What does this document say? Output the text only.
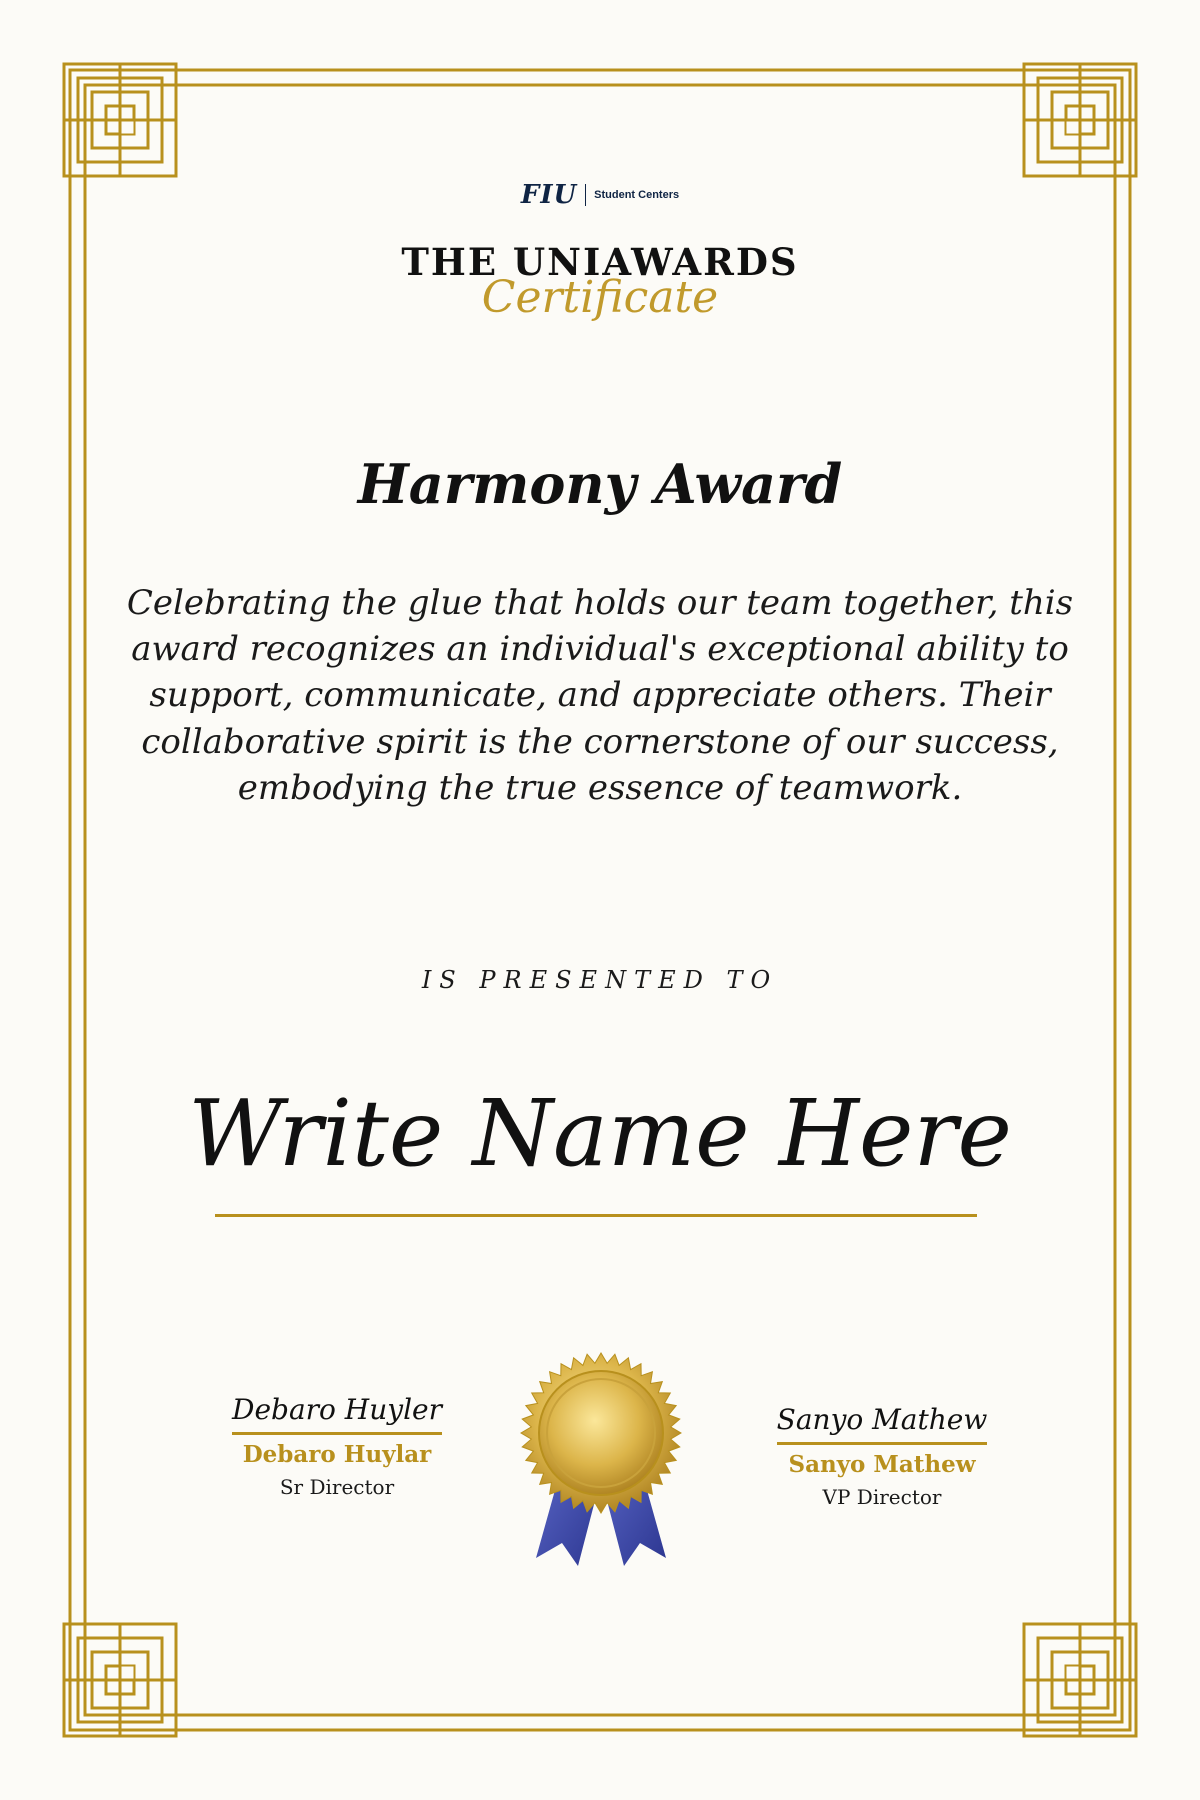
FIU Student Centers
THE UNIAWARDS
Certificate
Harmony Award

Celebrating the glue that holds our team together, this award recognizes an individual's exceptional ability to support, communicate, and appreciate others. Their collaborative spirit is the cornerstone of our success, embodying the true essence of teamwork.

IS PRESENTED TO
Write Name Here
Debaro Huyler
Debaro Huylar
Sr Director
Sanyo Mathew
Sanyo Mathew
VP Director
